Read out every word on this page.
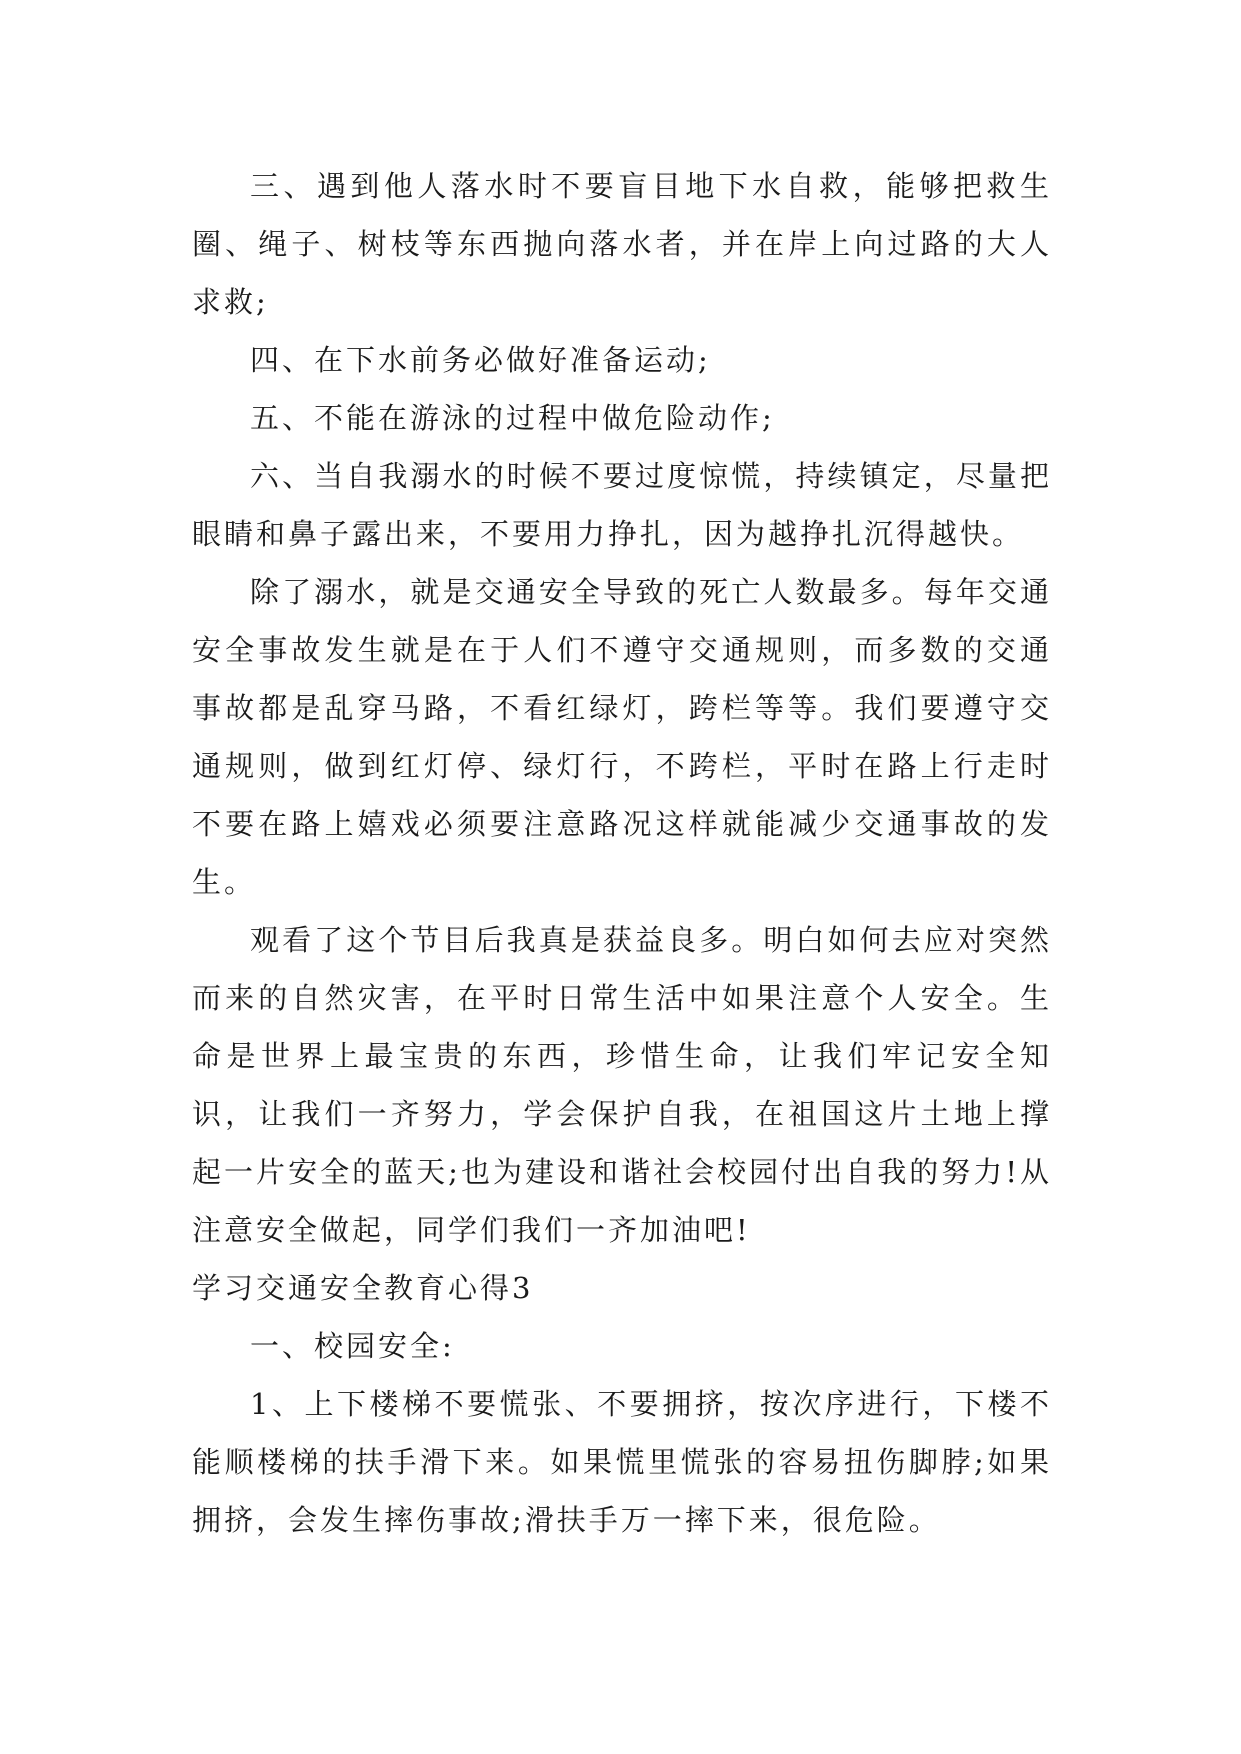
三、遇到他人落水时不要盲目地下水自救，能够把救生圈、绳子、树枝等东西抛向落水者，并在岸上向过路的大人求救;

四、在下水前务必做好准备运动;

五、不能在游泳的过程中做危险动作;

六、当自我溺水的时候不要过度惊慌，持续镇定，尽量把眼睛和鼻子露出来，不要用力挣扎，因为越挣扎沉得越快。

除了溺水，就是交通安全导致的死亡人数最多。每年交通安全事故发生就是在于人们不遵守交通规则，而多数的交通事故都是乱穿马路，不看红绿灯，跨栏等等。我们要遵守交通规则，做到红灯停、绿灯行，不跨栏，平时在路上行走时不要在路上嬉戏必须要注意路况这样就能减少交通事故的发生。

观看了这个节目后我真是获益良多。明白如何去应对突然而来的自然灾害，在平时日常生活中如果注意个人安全。生命是世界上最宝贵的东西，珍惜生命，让我们牢记安全知识，让我们一齐努力，学会保护自我，在祖国这片土地上撑起一片安全的蓝天;也为建设和谐社会校园付出自我的努力!从注意安全做起，同学们我们一齐加油吧!

学习交通安全教育心得3

一、校园安全:

1、上下楼梯不要慌张、不要拥挤，按次序进行，下楼不能顺楼梯的扶手滑下来。如果慌里慌张的容易扭伤脚脖;如果拥挤，会发生摔伤事故;滑扶手万一摔下来，很危险。
